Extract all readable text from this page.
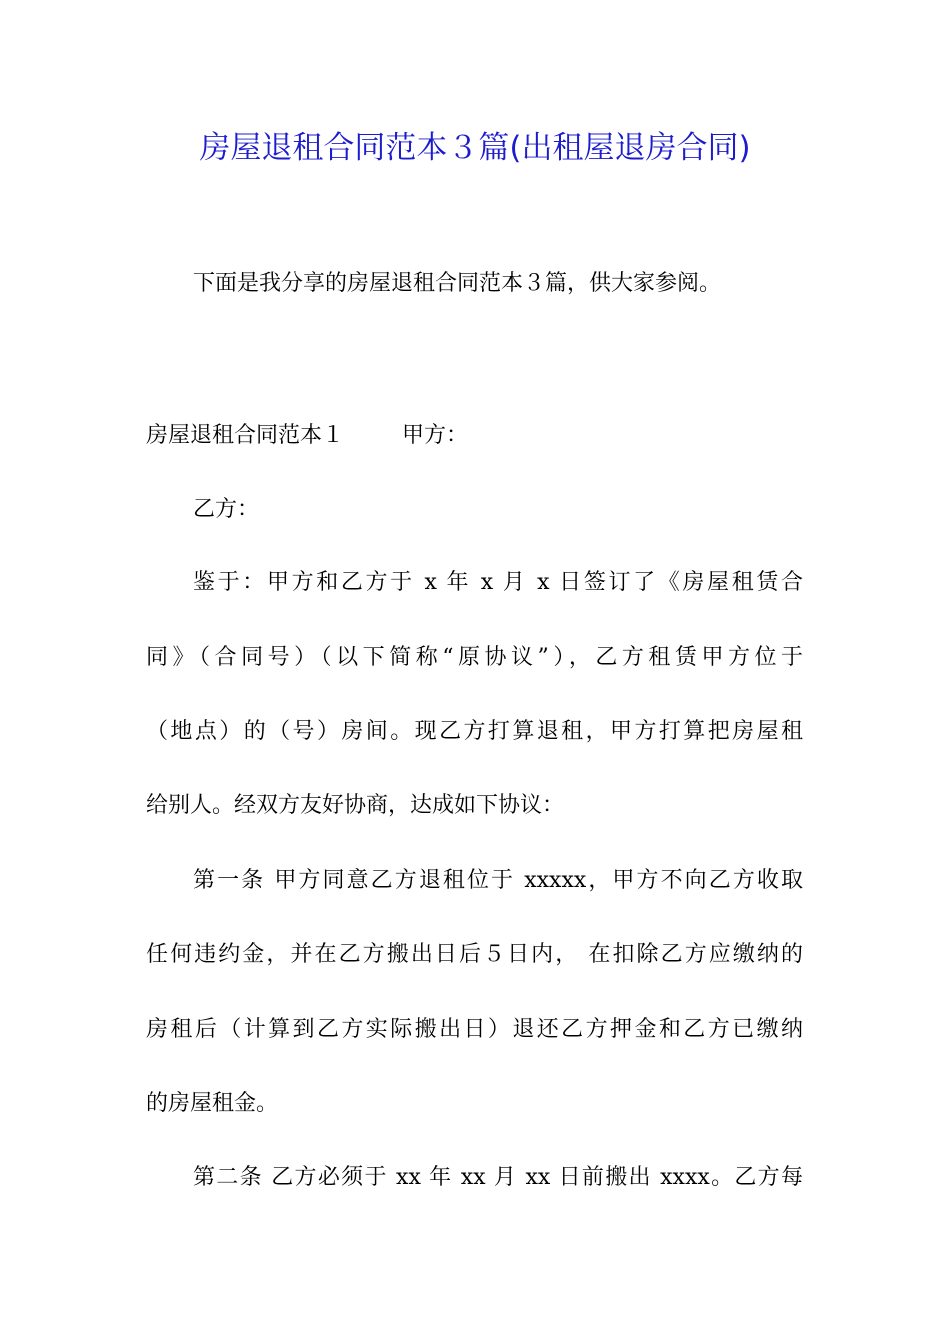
房屋退租合同范本３篇(出租屋退房合同)
下面是我分享的房屋退租合同范本３篇，供大家参阅。
房屋退租合同范本１	甲方：
乙方：
鉴于：甲方和乙方于 x 年 x 月 x 日签订了《房屋租赁合
同》（合同号）（以下简称“原协议”），乙方租赁甲方位于
（地点）的（号）房间。现乙方打算退租，甲方打算把房屋租
给别人。经双方友好协商，达成如下协议：
第一条 甲方同意乙方退租位于 xxxxx，甲方不向乙方收取
任何违约金，并在乙方搬出日后５日内， 在扣除乙方应缴纳的
房租后（计算到乙方实际搬出日）退还乙方押金和乙方已缴纳
的房屋租金。
第二条 乙方必须于 xx 年 xx 月 xx 日前搬出 xxxx。乙方每
